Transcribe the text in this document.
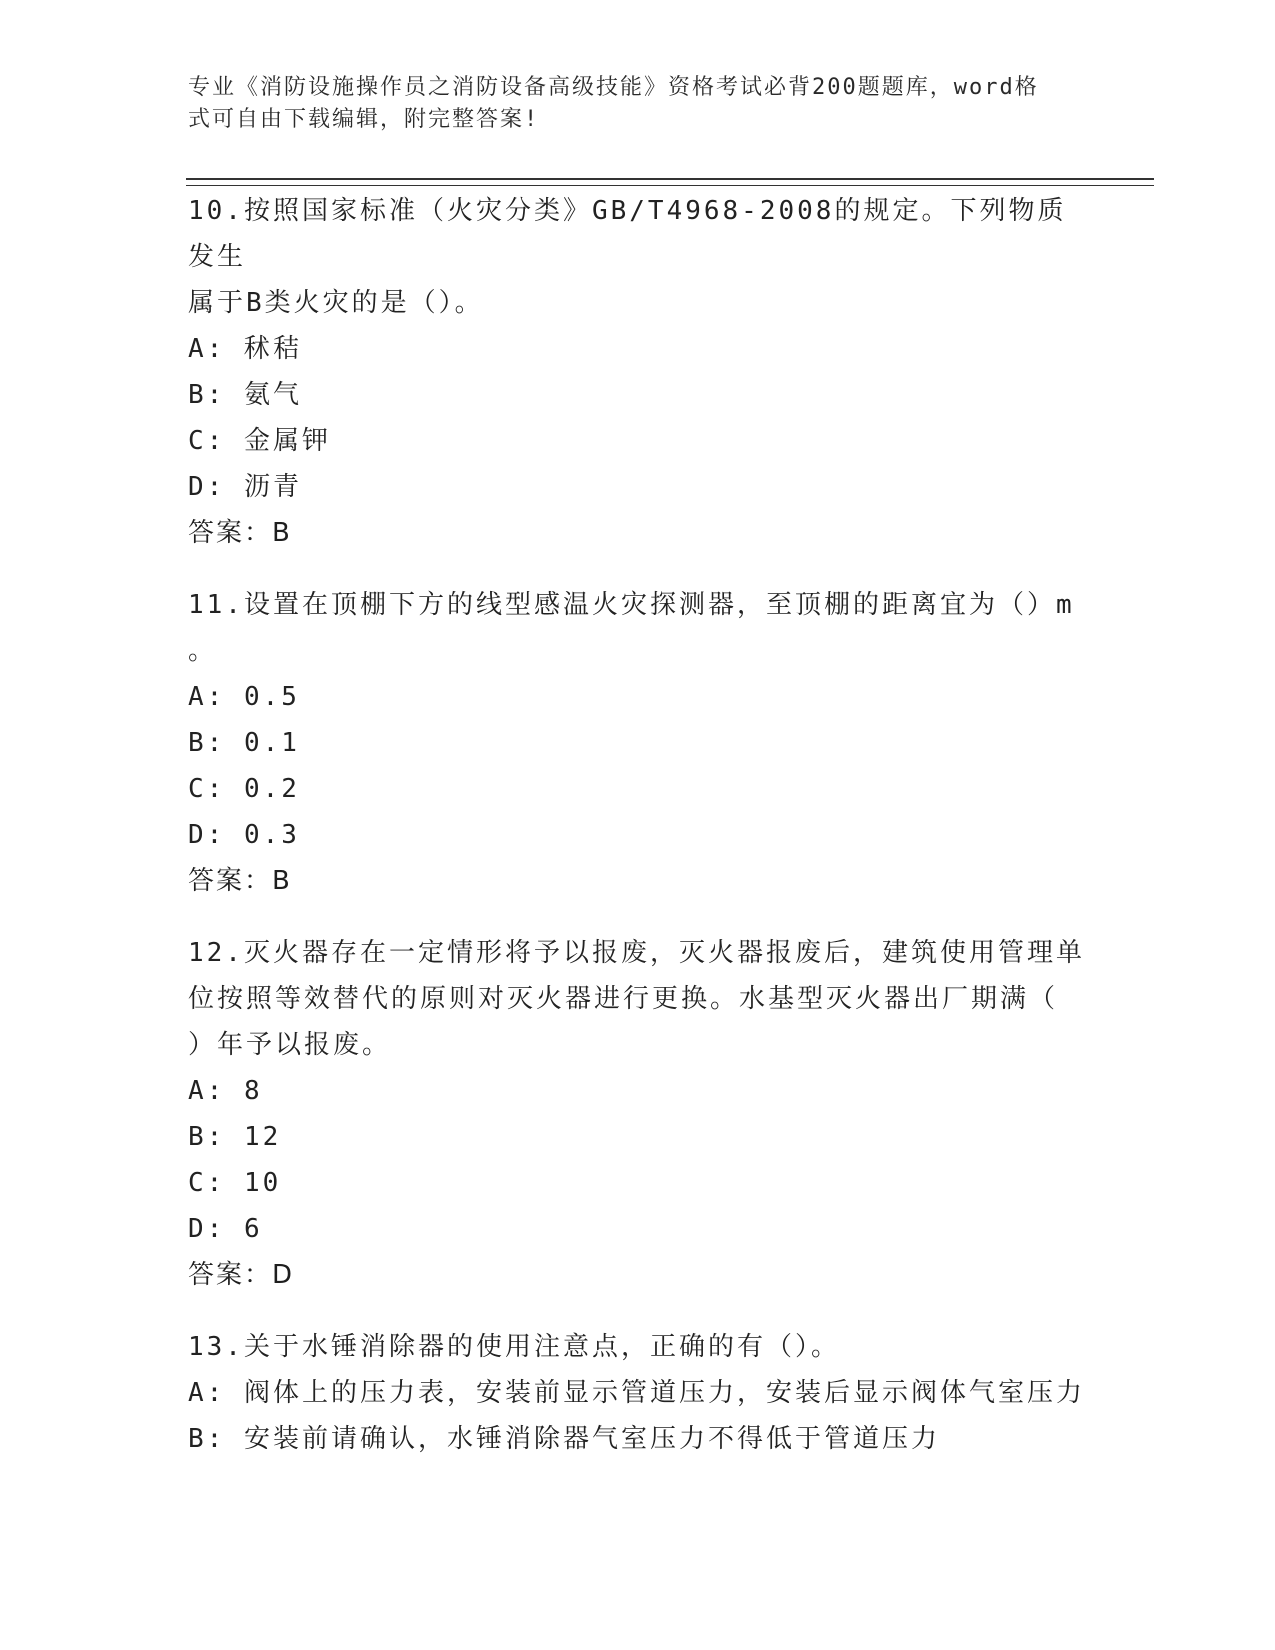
专业《消防设施操作员之消防设备高级技能》资格考试必背200题题库，word格
式可自由下载编辑，附完整答案!

10.按照国家标准（火灾分类》GB/T4968-2008的规定。下列物质发生

属于B类火灾的是（）。

A: 秫秸

B: 氨气

C: 金属钾

D: 沥青

答案：B

11.设置在顶棚下方的线型感温火灾探测器，至顶棚的距离宜为（）m

。

A: 0.5

B: 0.1

C: 0.2

D: 0.3

答案：B

12.灭火器存在一定情形将予以报废，灭火器报废后，建筑使用管理单

位按照等效替代的原则对灭火器进行更换。水基型灭火器出厂期满（

）年予以报废。

A: 8

B: 12

C: 10

D: 6

答案：D

13.关于水锤消除器的使用注意点，正确的有（）。

A: 阀体上的压力表，安装前显示管道压力，安装后显示阀体气室压力

B: 安装前请确认，水锤消除器气室压力不得低于管道压力
